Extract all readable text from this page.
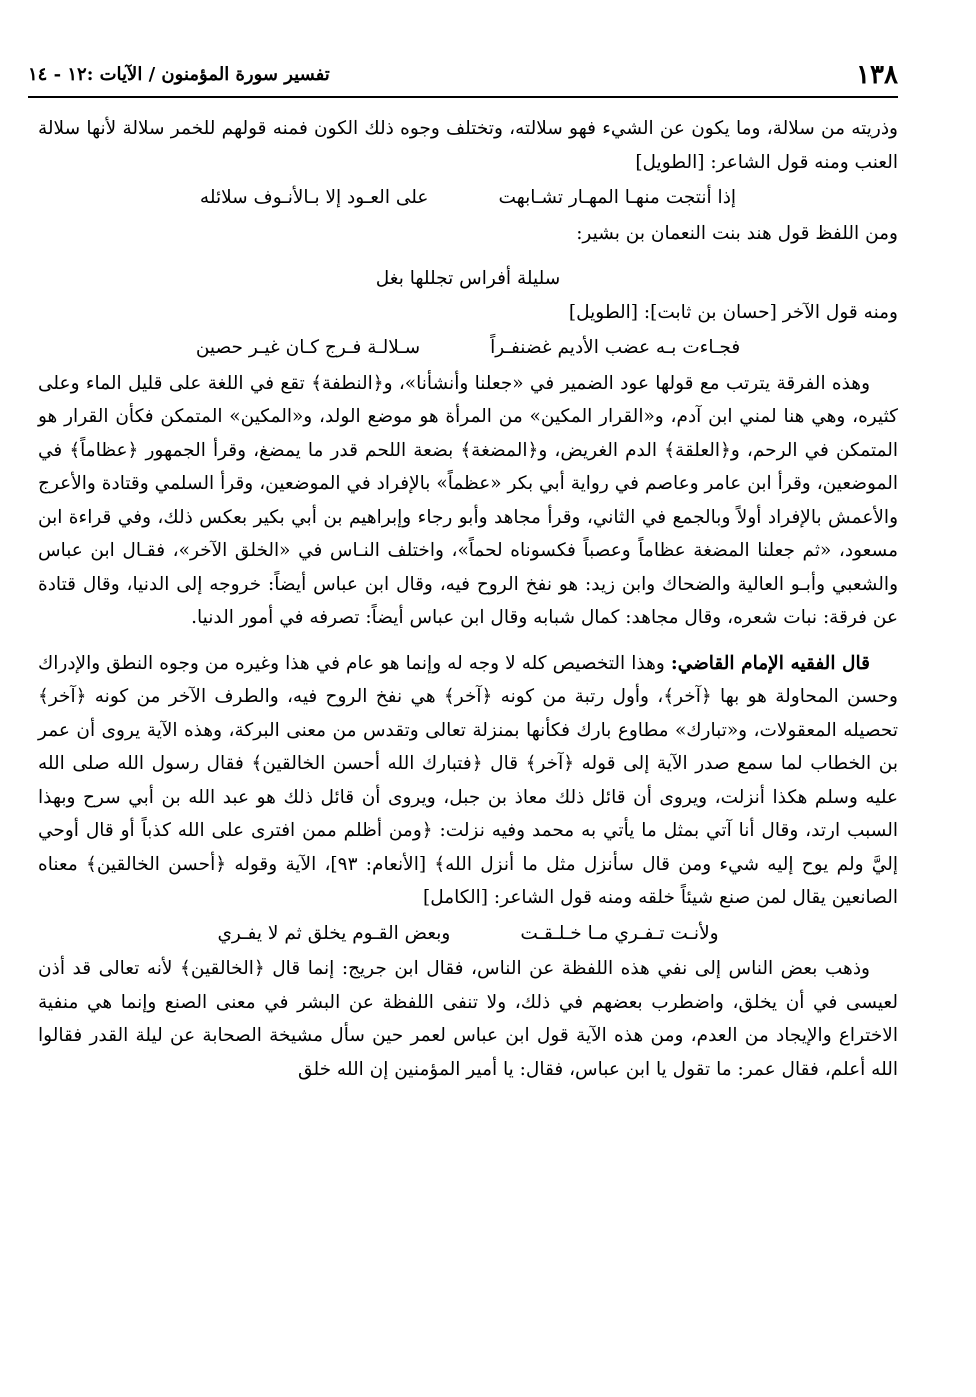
١٣٨
تفسير سورة المؤمنون / الآيات :١٢ - ١٤

وذريته من سلالة، وما يكون عن الشيء فهو سلالته، وتختلف وجوه ذلك الكون فمنه قولهم للخمر سلالة لأنها سلالة العنب ومنه قول الشاعر: [الطويل]

إذا أنتجت منهـا المهـار تشـابهت
على العـود إلا بـالأنـوف سلائله

ومن اللفظ قول هند بنت النعمان بن بشير:

سليلة أفراس تجللها بغل

ومنه قول الآخر [حسان بن ثابت]: [الطويل]

فجـاءت بـه عضب الأديم غضنفـراً
سـلالـة فـرج كـان غيـر حصين

وهذه الفرقة يترتب مع قولها عود الضمير في «جعلنا وأنشأنا»، و﴿النطفة﴾ تقع في اللغة على قليل الماء وعلى كثيره، وهي هنا لمني ابن آدم، و«القرار المكين» من المرأة هو موضع الولد، و«المكين» المتمكن فكأن القرار هو المتمكن في الرحم، و﴿العلقة﴾ الدم الغريض، و﴿المضغة﴾ بضعة اللحم قدر ما يمضغ، وقرأ الجمهور ﴿عظاماً﴾ في الموضعين، وقرأ ابن عامر وعاصم في رواية أبي بكر «عظماً» بالإفراد في الموضعين، وقرأ السلمي وقتادة والأعرج والأعمش بالإفراد أولاً وبالجمع في الثاني، وقرأ مجاهد وأبو رجاء وإبراهيم بن أبي بكير بعكس ذلك، وفي قراءة ابن مسعود، «ثم جعلنا المضغة عظاماً وعصباً فكسوناه لحماً»، واختلف النـاس في «الخلق الآخر»، فقـال ابن عباس والشعبي وأبـو العالية والضحاك وابن زيد: هو نفخ الروح فيه، وقال ابن عباس أيضاً: خروجه إلى الدنيا، وقال قتادة عن فرقة: نبات شعره، وقال مجاهد: كمال شبابه وقال ابن عباس أيضاً: تصرفه في أمور الدنيا.

قال الفقيه الإمام القاضي: وهذا التخصيص كله لا وجه له وإنما هو عام في هذا وغيره من وجوه النطق والإدراك وحسن المحاولة هو بها ﴿آخر﴾، وأول رتبة من كونه ﴿آخر﴾ هي نفخ الروح فيه، والطرف الآخر من كونه ﴿آخر﴾ تحصيله المعقولات، و«تبارك» مطاوع بارك فكأنها بمنزلة تعالى وتقدس من معنى البركة، وهذه الآية يروى أن عمر بن الخطاب لما سمع صدر الآية إلى قوله ﴿آخر﴾ قال ﴿فتبارك الله أحسن الخالقين﴾ فقال رسول الله صلى الله عليه وسلم هكذا أنزلت، ويروى أن قائل ذلك معاذ بن جبل، ويروى أن قائل ذلك هو عبد الله بن أبي سرح وبهذا السبب ارتد، وقال أنا آتي بمثل ما يأتي به محمد وفيه نزلت: ﴿ومن أظلم ممن افترى على الله كذباً أو قال أوحي إليَّ ولم يوح إليه شيء ومن قال سأنزل مثل ما أنزل الله﴾ [الأنعام: ٩٣]، الآية وقوله ﴿أحسن الخالقين﴾ معناه الصانعين يقال لمن صنع شيئاً خلقه ومنه قول الشاعر: [الكامل]

ولأنـت تـفـري مـا خـلـقـت
وبعض القـوم يخلق ثم لا يفـري

وذهب بعض الناس إلى نفي هذه اللفظة عن الناس، فقال ابن جريج: إنما قال ﴿الخالقين﴾ لأنه تعالى قد أذن لعيسى في أن يخلق، واضطرب بعضهم في ذلك، ولا تنفى اللفظة عن البشر في معنى الصنع وإنما هي منفية الاختراع والإيجاد من العدم، ومن هذه الآية قول ابن عباس لعمر حين سأل مشيخة الصحابة عن ليلة القدر فقالوا الله أعلم، فقال عمر: ما تقول يا ابن عباس، فقال: يا أمير المؤمنين إن الله خلق
